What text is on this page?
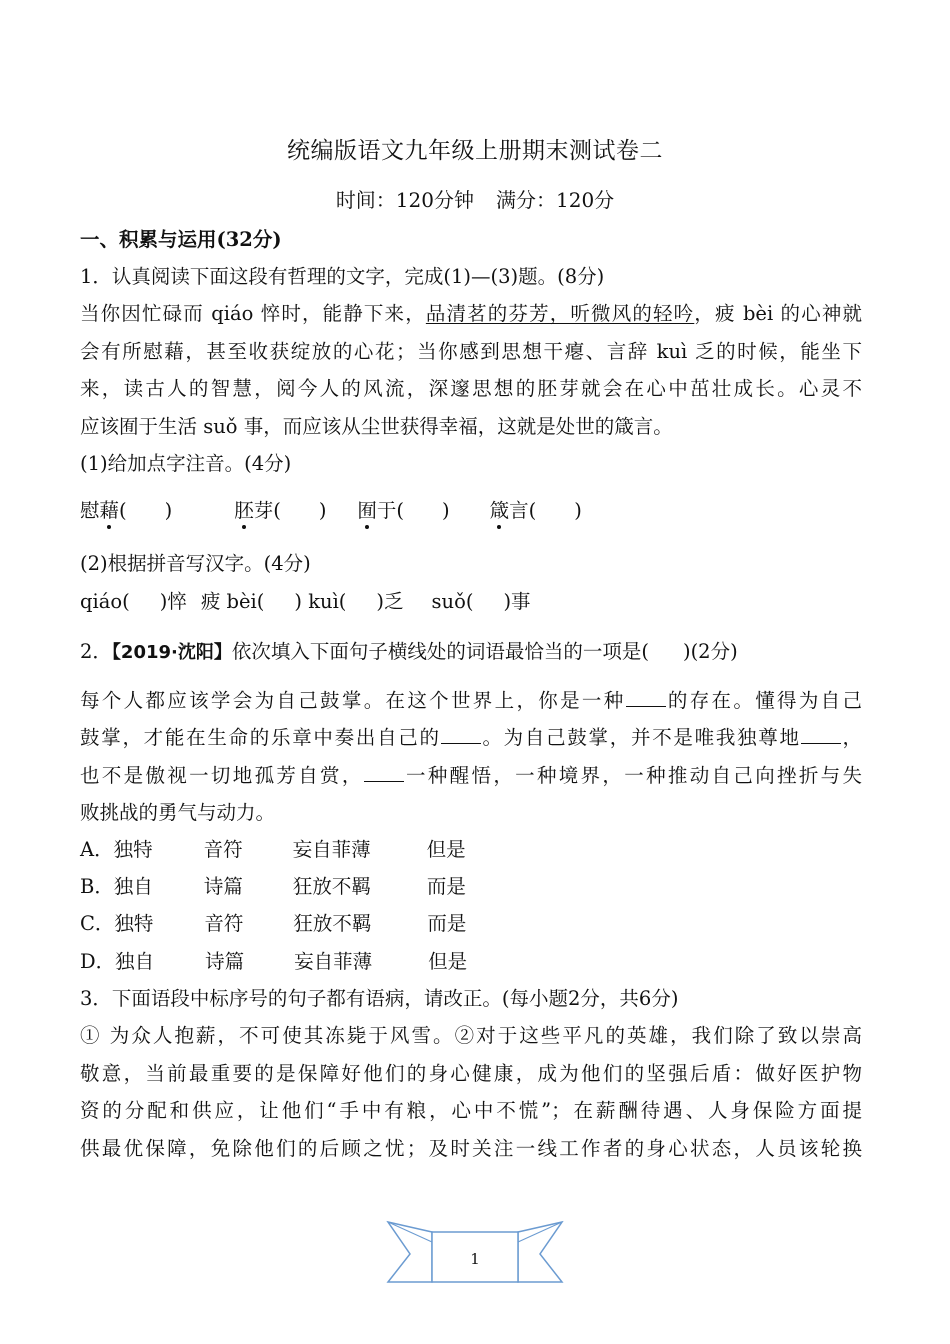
统编版语文九年级上册期末测试卷二
时间：120分钟 满分：120分
一、积累与运用(32分)
1．认真阅读下面这段有哲理的文字，完成(1)—(3)题。(8分)
当你因忙碌而 qiáo 悴时，能静下来，品清茗的芬芳，听微风的轻吟，疲 bèi 的心神就
会有所慰藉，甚至收获绽放的心花；当你感到思想干瘪、言辞 kuì 乏的时候，能坐下
来，读古人的智慧，阅今人的风流，深邃思想的胚芽就会在心中茁壮成长。心灵不
应该囿于生活 suǒ 事，而应该从尘世获得幸福，这就是处世的箴言。
(1)给加点字注音。(4分)
慰藉( )	胚芽( ) 囿于( ) 箴言( )
(2)根据拼音写汉字。(4分)
qiáo( )悴 疲 bèi( ) kuì( )乏 suǒ( )事
2．【2019·沈阳】依次填入下面句子横线处的词语最恰当的一项是( )(2分)
每个人都应该学会为自己鼓掌。在这个世界上，你是一种 的存在。懂得为自己
鼓掌，才能在生命的乐章中奏出自己的 。为自己鼓掌，并不是唯我独尊地 ，
也不是傲视一切地孤芳自赏， 一种醒悟，一种境界，一种推动自己向挫折与失
败挑战的勇气与动力。
A．独特	音符	妄自菲薄	但是
B．独自	诗篇	狂放不羁	而是
C．独特	音符	狂放不羁	而是
D．独自	诗篇	妄自菲薄	但是
3．下面语段中标序号的句子都有语病，请改正。(每小题2分，共6分)
① 为众人抱薪，不可使其冻毙于风雪。②对于这些平凡的英雄，我们除了致以崇高
敬意，当前最重要的是保障好他们的身心健康，成为他们的坚强后盾：做好医护物
资的分配和供应，让他们“手中有粮，心中不慌”；在薪酬待遇、人身保险方面提
供最优保障，免除他们的后顾之忧；及时关注一线工作者的身心状态，人员该轮换
1
